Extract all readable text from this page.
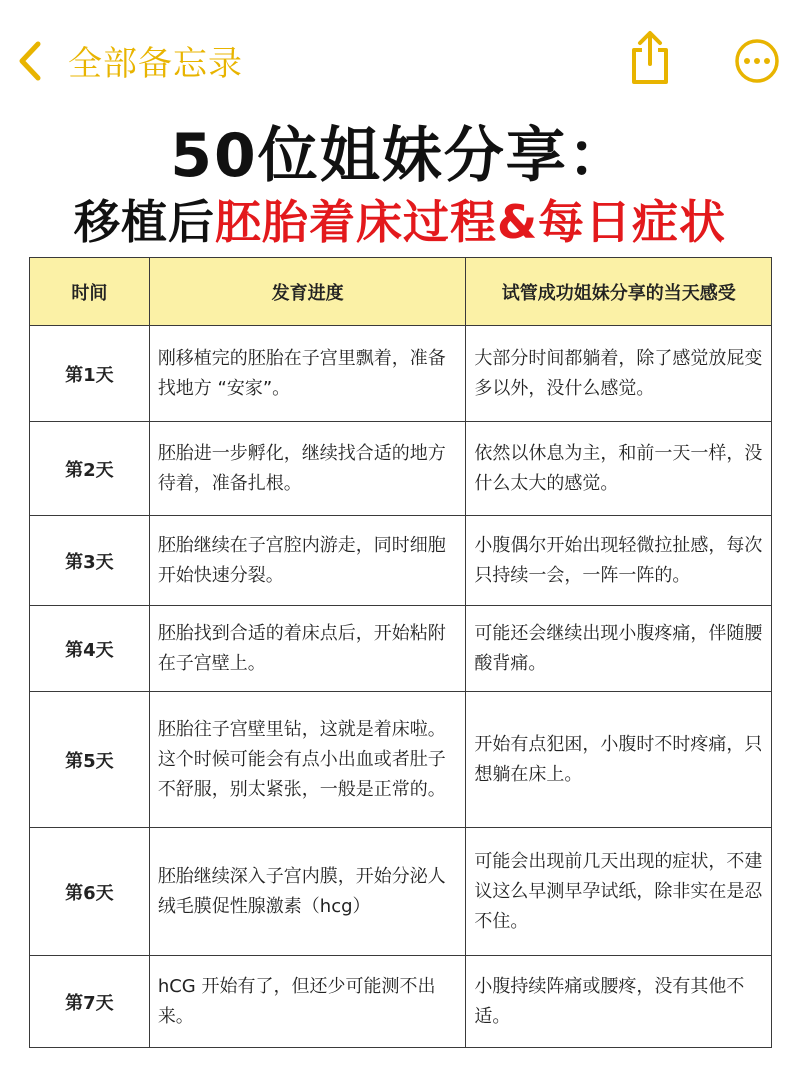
全部备忘录
50位姐妹分享：
移植后胚胎着床过程&每日症状
时间	发育进度	试管成功姐妹分享的当天感受
第1天	刚移植完的胚胎在子宫里飘着，准备找地方 “安家”。	大部分时间都躺着，除了感觉放屁变多以外，没什么感觉。
第2天	胚胎进一步孵化，继续找合适的地方待着，准备扎根。	依然以休息为主，和前一天一样，没什么太大的感觉。
第3天	胚胎继续在子宫腔内游走，同时细胞开始快速分裂。	小腹偶尔开始出现轻微拉扯感，每次只持续一会，一阵一阵的。
第4天	胚胎找到合适的着床点后，开始粘附在子宫壁上。	可能还会继续出现小腹疼痛，伴随腰酸背痛。
第5天	胚胎往子宫壁里钻，这就是着床啦。这个时候可能会有点小出血或者肚子不舒服，别太紧张，一般是正常的。	开始有点犯困，小腹时不时疼痛，只想躺在床上。
第6天	胚胎继续深入子宫内膜，开始分泌人绒毛膜促性腺激素（hcg）	可能会出现前几天出现的症状，不建议这么早测早孕试纸，除非实在是忍不住。
第7天	hCG 开始有了，但还少可能测不出来。	小腹持续阵痛或腰疼，没有其他不适。
